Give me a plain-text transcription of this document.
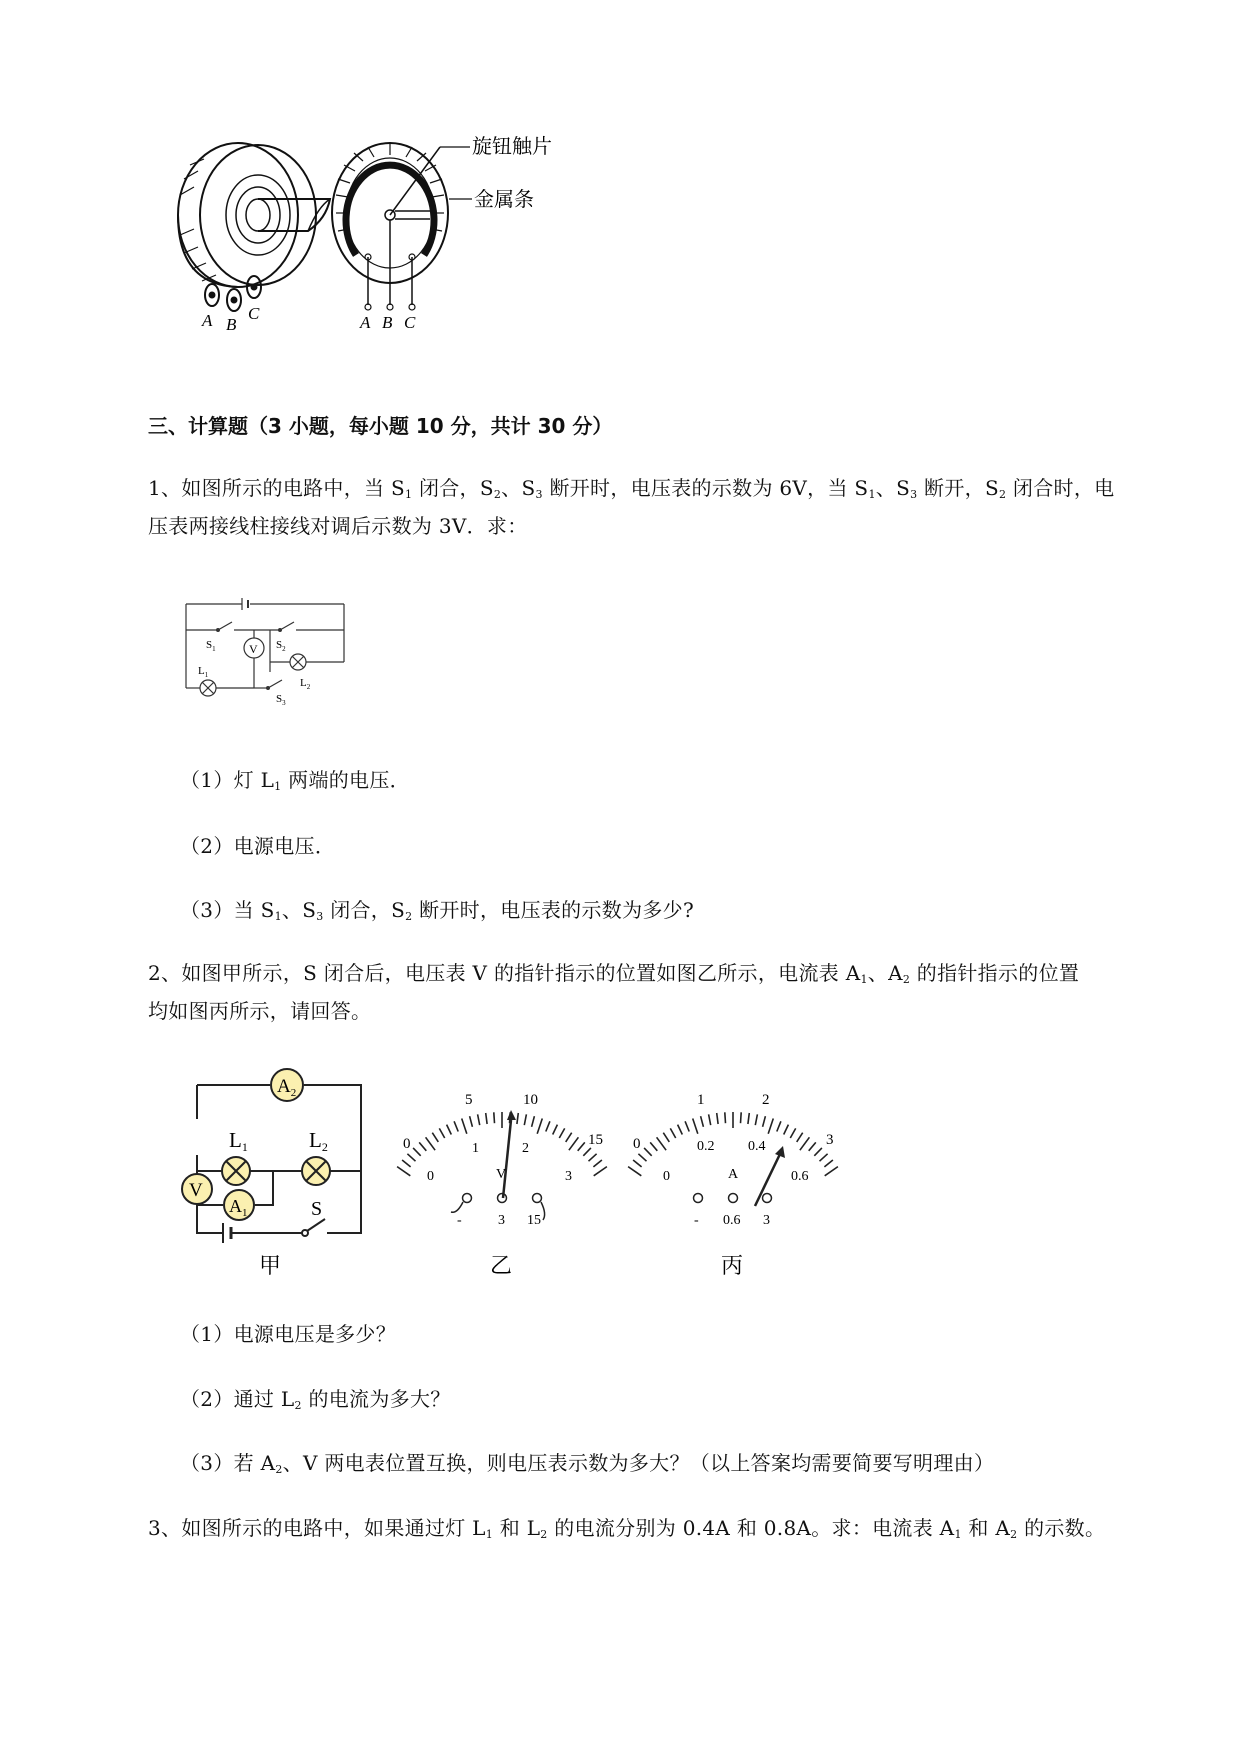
A B
C
旋钮触片
金属条
A B C
三、计算题（3 小题，每小题 10 分，共计 30 分）
1、如图所示的电路中，当 $S_1$ 闭合，$S_2$、$S_3$ 断开时，电压表的示数为 6V，当 $S_1$、$S_3$ 断开，$S_2$ 闭合时，电
压表两接线柱接线对调后示数为 3V．求：
V
$S_1$	$S_2$
$L_1$
$L_2$
$S_3$
（1）灯 $L_1$ 两端的电压．
（2）电源电压．
（3）当 $S_1$、$S_3$ 闭合，$S_2$ 断开时，电压表的示数为多少?
2、如图甲所示，S 闭合后，电压表 V 的指针指示的位置如图乙所示，电流表 $A_1$、$A_2$ 的指针指示的位置
均如图丙所示，请回答。
$A_2$
L1	L2
V
$A_1$	S
甲
0
5	10
15
0
1	2
3
V
-	3 15
乙
0
1	2
3
0
0.2 0.4
0.6
A
- 0.6 3
丙
（1）电源电压是多少？
（2）通过 $L_2$ 的电流为多大？
（3）若 $A_2$、V 两电表位置互换，则电压表示数为多大？（以上答案均需要简要写明理由）
3、如图所示的电路中，如果通过灯 $L_1$ 和 $L_2$ 的电流分别为 0.4A 和 0.8A。求：电流表 $A_1$ 和 $A_2$ 的示数。
